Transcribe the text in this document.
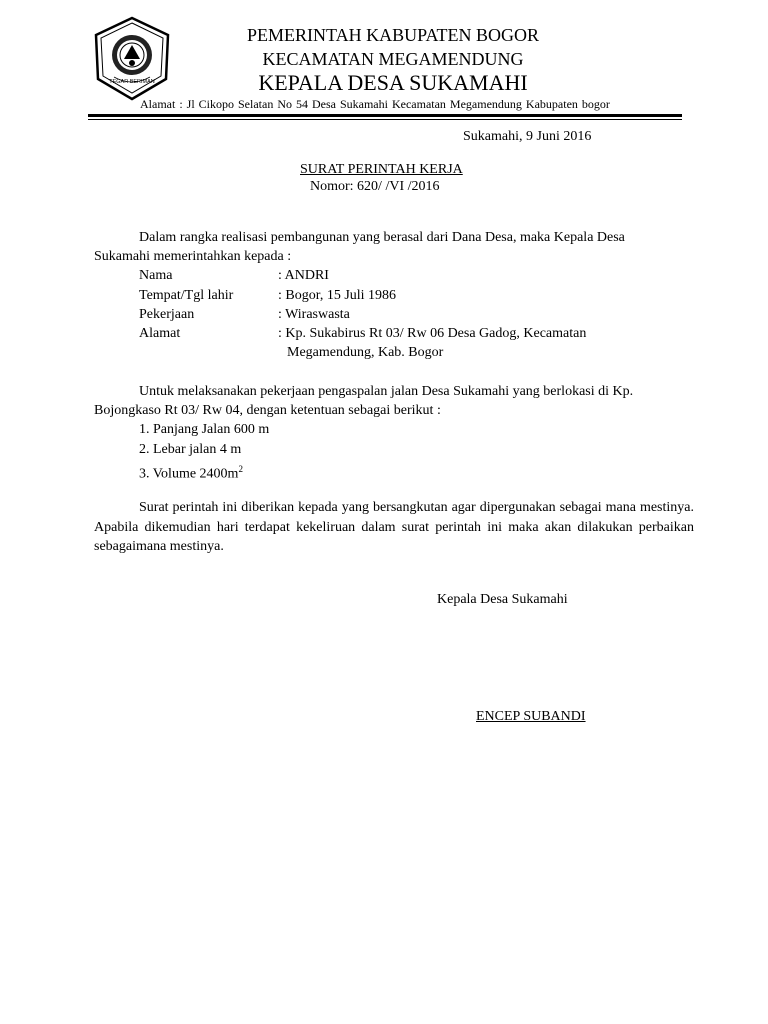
TEGAR BERIMAN
PEMERINTAH KABUPATEN BOGOR
KECAMATAN MEGAMENDUNG
KEPALA DESA SUKAMAHI
Alamat : Jl Cikopo Selatan No 54 Desa Sukamahi Kecamatan Megamendung Kabupaten bogor
Sukamahi, 9 Juni 2016
SURAT PERINTAH KERJA
Nomor: 620/ /VI /2016
Dalam rangka realisasi pembangunan yang berasal dari Dana Desa, maka Kepala Desa
Sukamahi memerintahkan kepada :
Nama	: ANDRI
Tempat/Tgl lahir	: Bogor, 15 Juli 1986
Pekerjaan	: Wiraswasta
Alamat	: Kp. Sukabirus Rt 03/ Rw 06 Desa Gadog, Kecamatan
Megamendung, Kab. Bogor
Untuk melaksanakan pekerjaan pengaspalan jalan Desa Sukamahi yang berlokasi di Kp.
Bojongkaso Rt 03/ Rw 04, dengan ketentuan sebagai berikut :
1. Panjang Jalan 600 m
2. Lebar jalan 4 m
3. Volume $2400m^2$
Surat perintah ini diberikan kepada yang bersangkutan agar dipergunakan sebagai mana mestinya. Apabila dikemudian hari terdapat kekeliruan dalam surat perintah ini maka akan dilakukan perbaikan sebagaimana mestinya.
Kepala Desa Sukamahi
ENCEP SUBANDI
